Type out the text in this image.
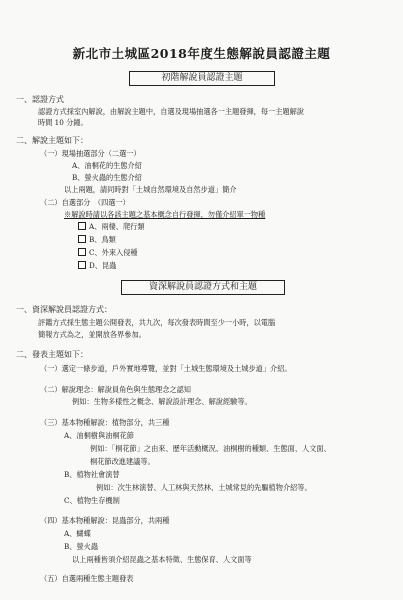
新北市土城區2018年度生態解說員認證主題
初階解說員認證主題
一、認證方式
認證方式採室內解說，由解說主題中，自選及現場抽選各一主題發揮，每一主題解說
時間 10 分鐘。
二、解說主題如下：
（一）現場抽選部分（二選一）
A、油桐花的生態介紹
B、螢火蟲的生態介紹
以上兩題，請同時對「土城自然環境及自然步道」簡介
（二）自選部分　（四選一）
※解說時請以各該主題之基本概念自行發揮，勿僅介紹單一物種
A、兩棲、爬行類
B、鳥類
C、外來入侵種
D、昆蟲
資深解說員認證方式和主題
一、資深解說員認證方式：
評鑑方式採生態主題公開發表，共九次，每次發表時間至少一小時，以電腦
簡報方式為之，並開放各界參加。
二、發表主題如下：
（一）選定一條步道，戶外實地導覽，並對「土城生態環境及土城步道」介紹。
（二）解說理念：解說員角色與生態理念之認知
例如：生物多樣性之概念、解說設計理念、解說經驗等。
（三）基本物種解說：植物部分，共三種
A、油桐樹與油桐花節
例如：「桐花節」之由來、歷年活動概況、油桐樹的種類、生態面、人文面、
桐花節改進建議等。
B、植物社會演替
例如：次生林演替、人工林與天然林、土城常見的先驅植物介紹等。
C、植物生存機制
（四）基本物種解說：昆蟲部分，共兩種
A、蝴蝶
B、螢火蟲
以上兩種皆須介紹昆蟲之基本特徵、生態保育、人文面等
（五）自選兩種生態主題發表
